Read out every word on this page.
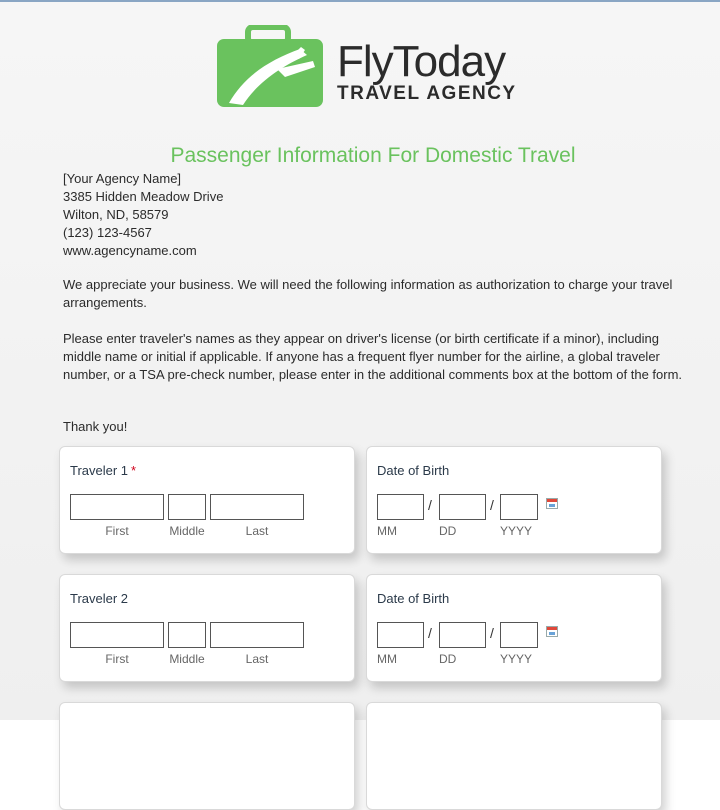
FlyToday
TRAVEL AGENCY
Passenger Information For Domestic Travel
[Your Agency Name]
3385 Hidden Meadow Drive
Wilton, ND, 58579
(123) 123-4567
www.agencyname.com
We appreciate your business. We will need the following information as authorization to charge your travel arrangements.
Please enter traveler's names as they appear on driver's license (or birth certificate if a minor), including middle name or initial if applicable. If anyone has a frequent flyer number for the airline, a global traveler number, or a TSA pre-check number, please enter in the additional comments box at the bottom of the form.
Thank you!
Traveler 1 *
First	Middle	Last
Date of Birth
/	/
MM	DD	YYYY
Traveler 2
First	Middle	Last
Date of Birth
/	/
MM	DD	YYYY
